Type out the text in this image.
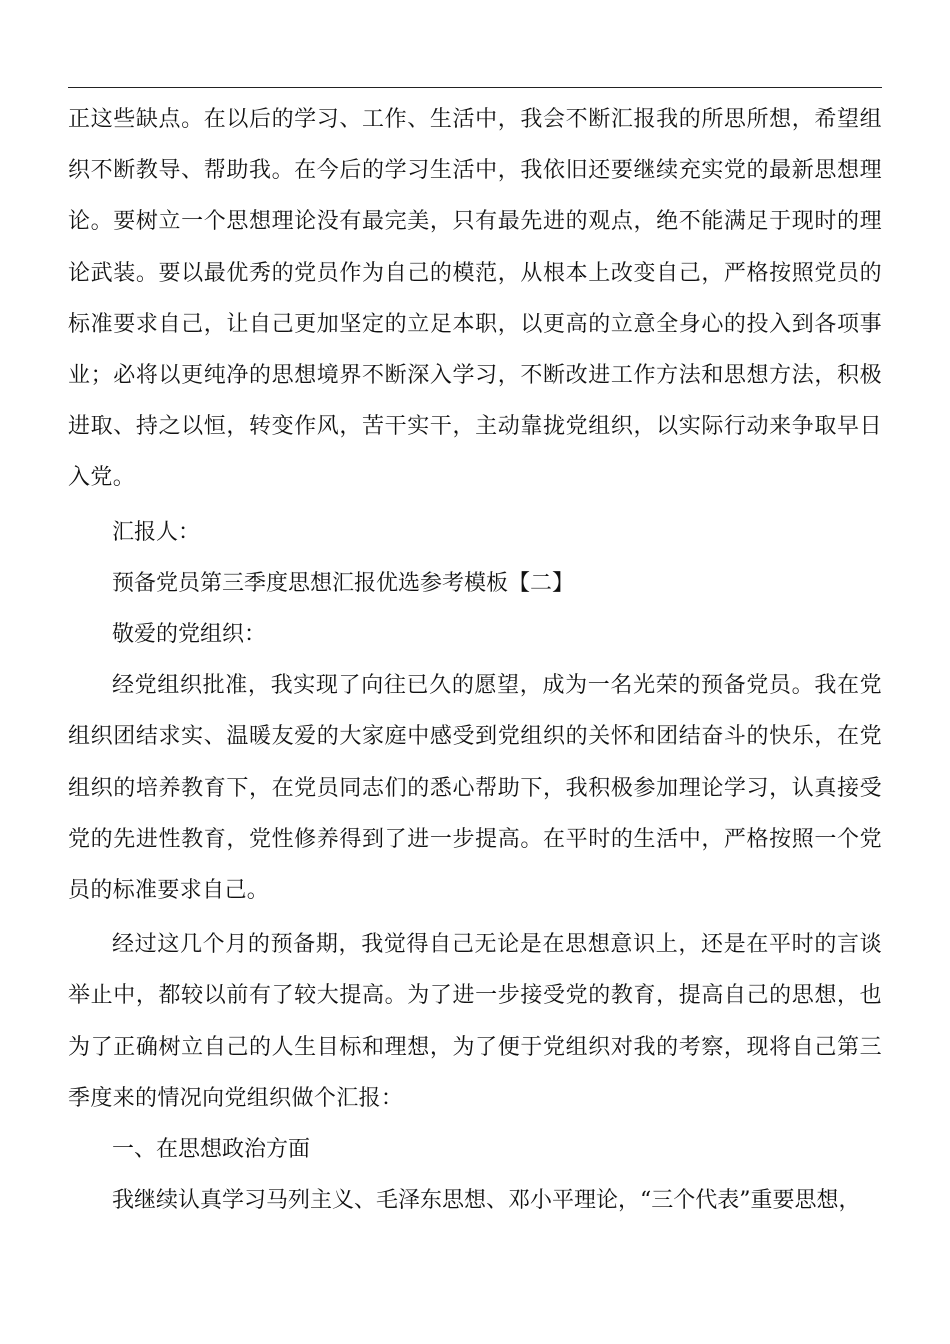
正这些缺点。在以后的学习、工作、生活中，我会不断汇报我的所思所想，希望组织不断教导、帮助我。在今后的学习生活中，我依旧还要继续充实党的最新思想理论。要树立一个思想理论没有最完美，只有最先进的观点，绝不能满足于现时的理论武装。要以最优秀的党员作为自己的模范，从根本上改变自己，严格按照党员的标准要求自己，让自己更加坚定的立足本职，以更高的立意全身心的投入到各项事业；必将以更纯净的思想境界不断深入学习，不断改进工作方法和思想方法，积极进取、持之以恒，转变作风，苦干实干，主动靠拢党组织，以实际行动来争取早日入党。

汇报人：

预备党员第三季度思想汇报优选参考模板【二】

敬爱的党组织：

经党组织批准，我实现了向往已久的愿望，成为一名光荣的预备党员。我在党组织团结求实、温暖友爱的大家庭中感受到党组织的关怀和团结奋斗的快乐，在党组织的培养教育下，在党员同志们的悉心帮助下，我积极参加理论学习，认真接受党的先进性教育，党性修养得到了进一步提高。在平时的生活中，严格按照一个党员的标准要求自己。

经过这几个月的预备期，我觉得自己无论是在思想意识上，还是在平时的言谈举止中，都较以前有了较大提高。为了进一步接受党的教育，提高自己的思想，也为了正确树立自己的人生目标和理想，为了便于党组织对我的考察，现将自己第三季度来的情况向党组织做个汇报：

一、在思想政治方面

我继续认真学习马列主义、毛泽东思想、邓小平理论，“三个代表”重要思想，
